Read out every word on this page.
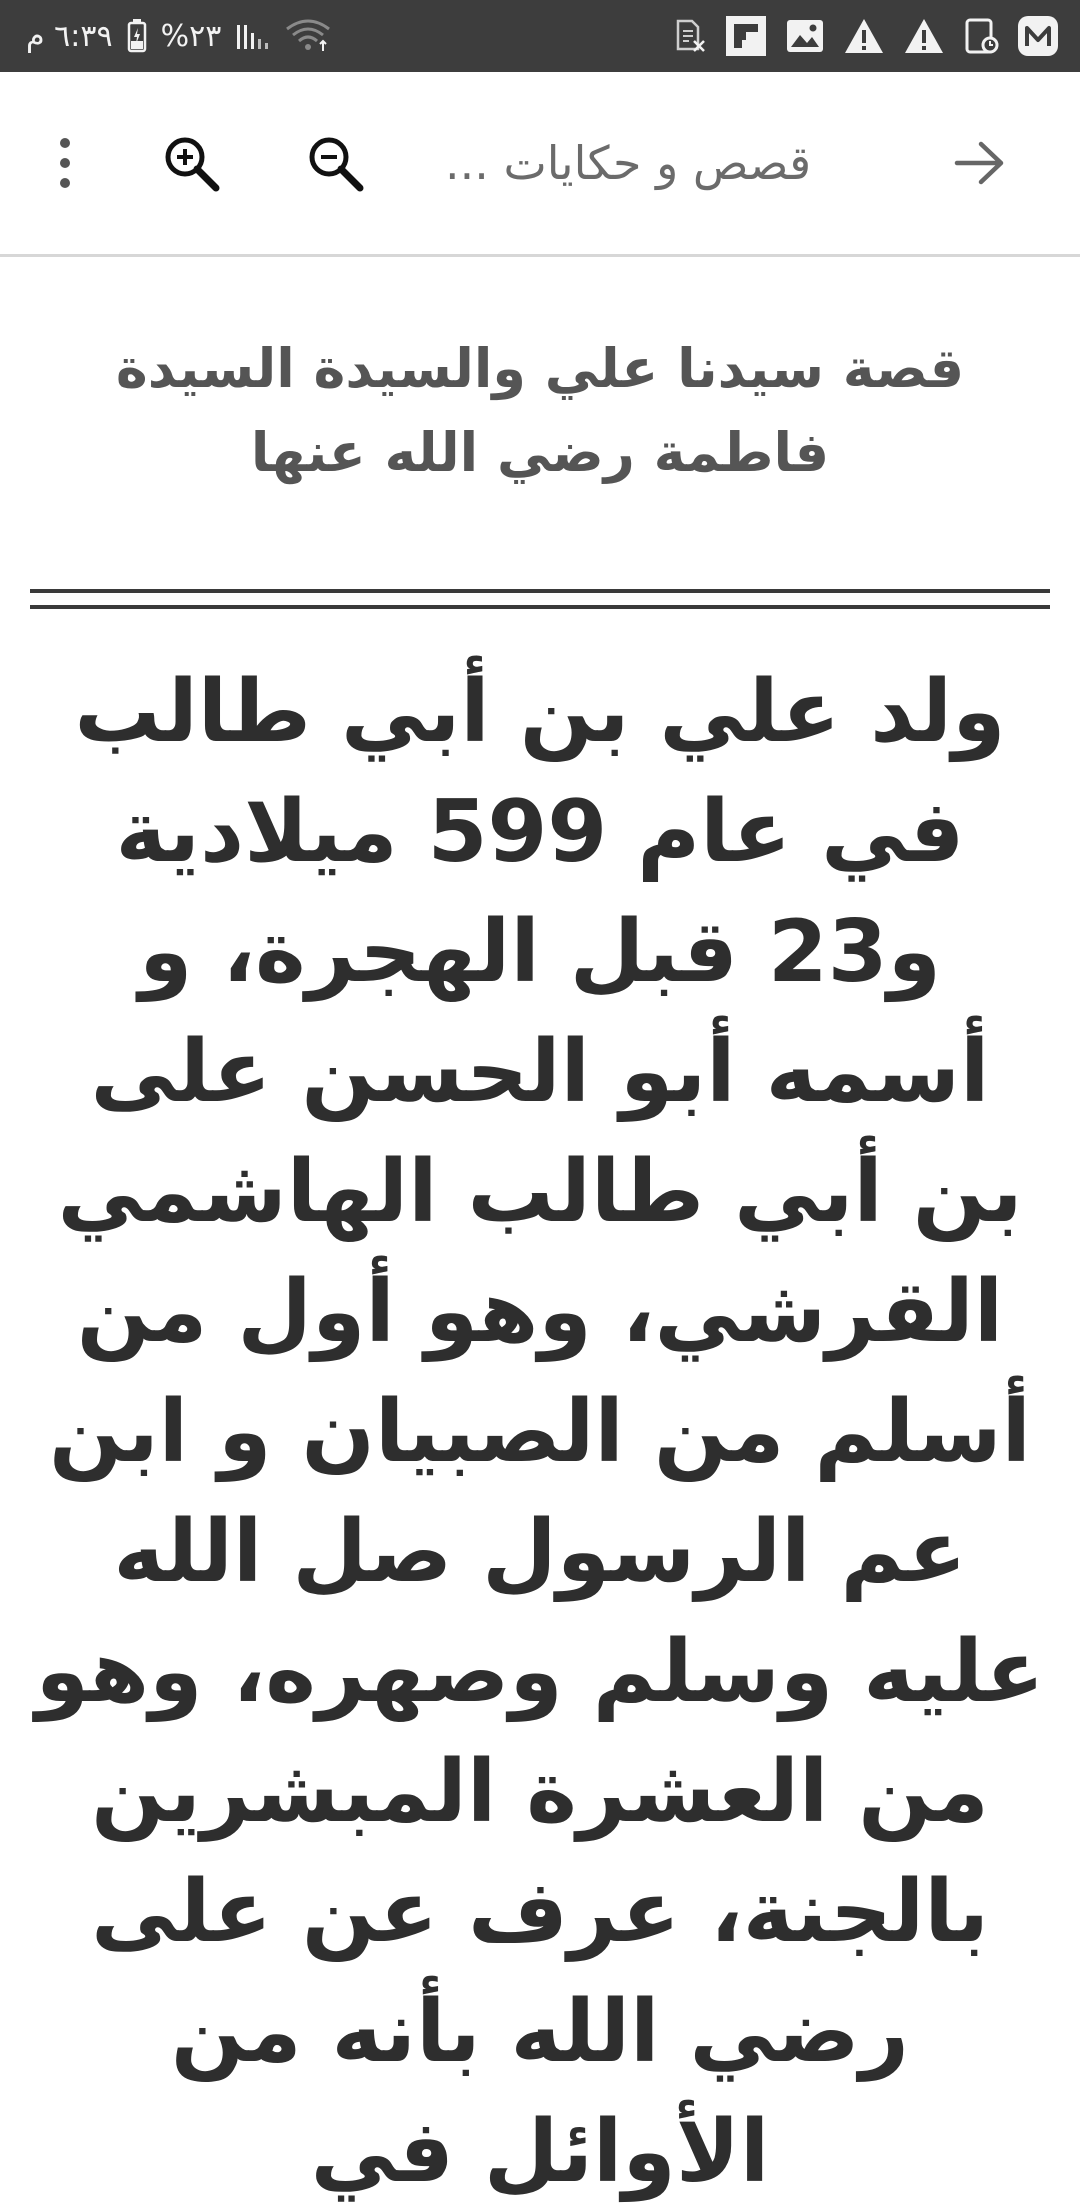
٦:٣٩ م %٢٣
قصص و حكايات ...
قصة سيدنا علي والسيدة السيدة فاطمة رضي الله عنها
ولد علي بن أبي طالب في عام 599 ميلادية و23 قبل الهجرة، و أسمه أبو الحسن على بن أبي طالب الهاشمي القرشي، وهو أول من أسلم من الصبيان و ابن عم الرسول صل الله عليه وسلم وصهره، وهو من العشرة المبشرين بالجنة، عرف عن على رضي الله بأنه من الأوائل في
